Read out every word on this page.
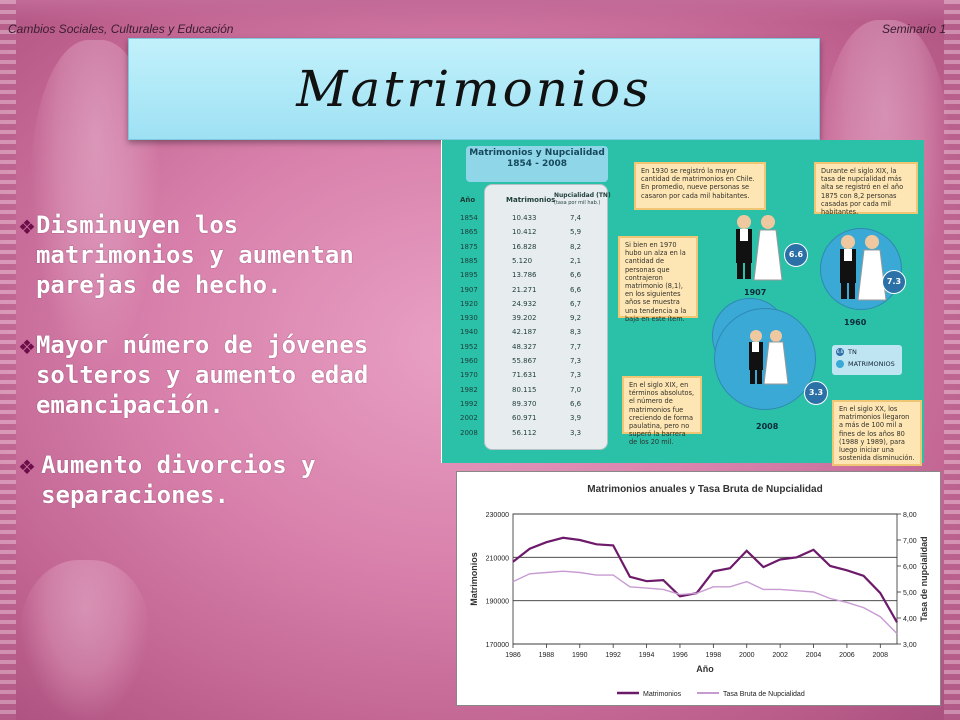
Cambios Sociales, Culturales y Educación	Seminario 1
Matrimonios
❖ Disminuyen los matrimonios y aumentan parejas de hecho.
❖ Mayor número de jóvenes solteros y aumento edad emancipación.
❖ Aumento divorcios y separaciones.
Matrimonios y Nupcialidad
1854 - 2008
Año	Matrimonios
Nupcialidad (TN)
(tasa por mil hab.)
1854	10.433	7,4
1865	10.412	5,9
1875	16.828	8,2
1885	5.120	2,1
1895	13.786	6,6
1907	21.271	6,6
1920	24.932	6,7
1930	39.202	9,2
1940	42.187	8,3
1952	48.327	7,7
1960	55.867	7,3
1970	71.631	7,3
1982	80.115	7,0
1992	89.370	6,6
2002	60.971	3,9
2008	56.112	3,3
En 1930 se registró la mayor cantidad de matrimonios en Chile. En promedio, nueve personas se casaron por cada mil habitantes.
Durante el siglo XIX, la tasa de nupcialidad más alta se registró en el año 1875 con 8,2 personas casadas por cada mil habitantes.
Si bien en 1970 hubo un alza en la cantidad de personas que contrajeron matrimonio (8,1), en los siguientes años se muestra una tendencia a la baja en este ítem.
En el siglo XIX, en términos absolutos, el número de matrimonios fue creciendo de forma paulatina, pero no superó la barrera de los 20 mil.
En el siglo XX, los matrimonios llegaron a más de 100 mil a fines de los años 80 (1988 y 1989), para luego iniciar una sostenida disminución.
6.6
7.3
3.3
1907
1960
2008
6,6 TN
MATRIMONIOS
Matrimonios anuales y Tasa Bruta de Nupcialidad
170000
190000
210000
230000
3,00
4,00
5,00
6,00
7,00
8,00
1986	1988	1990	1992	1994	1996	1998	2000	2002	2004	2006	2008
Año
Matrimonios	Tasa de nupcialidad
Matrimonios	Tasa Bruta de Nupcialidad
